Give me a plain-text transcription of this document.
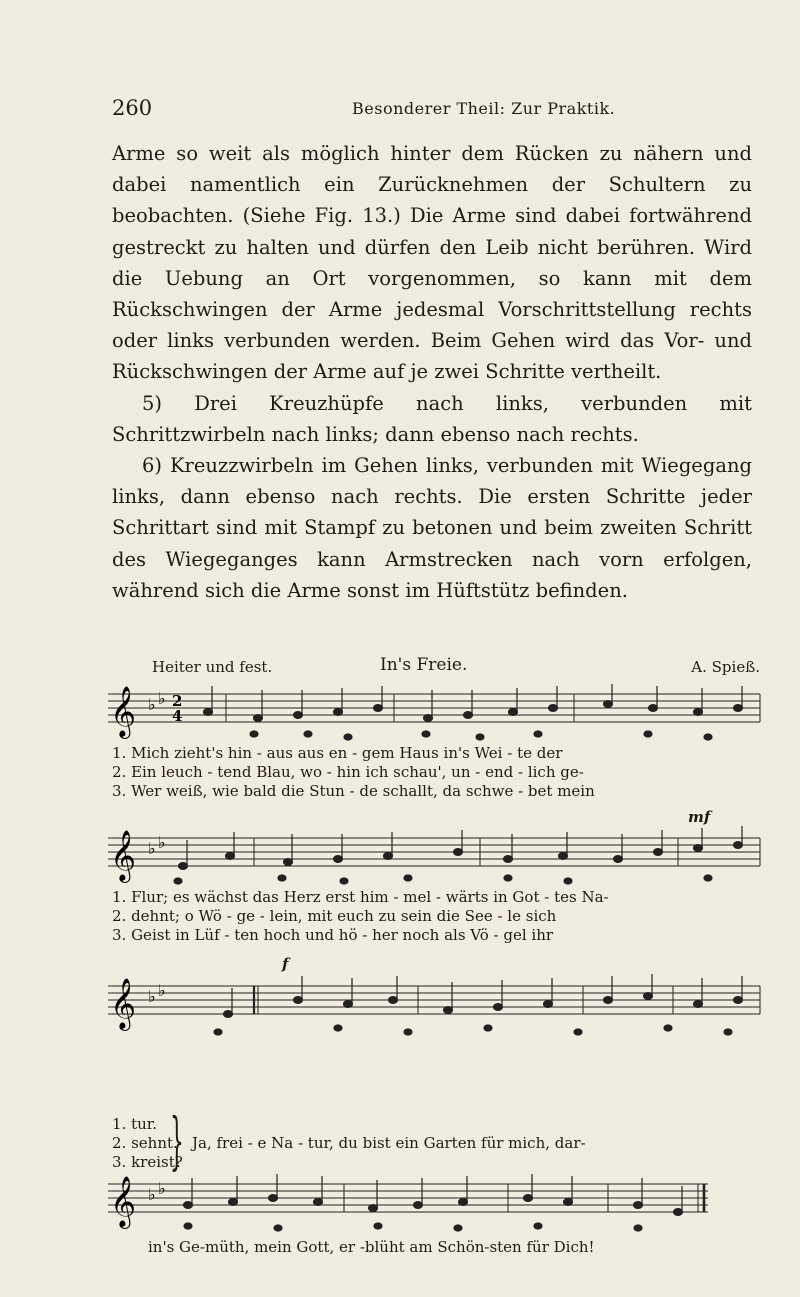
260	Besonderer Theil: Zur Praktik.

Arme so weit als möglich hinter dem Rücken zu nähern und dabei namentlich ein Zurücknehmen der Schultern zu beobachten. (Siehe Fig. 13.) Die Arme sind dabei fortwährend gestreckt zu halten und dürfen den Leib nicht berühren. Wird die Uebung an Ort vorgenommen, so kann mit dem Rückschwingen der Arme jedesmal Vorschrittstellung rechts oder links verbunden werden. Beim Gehen wird das Vor- und Rückschwingen der Arme auf je zwei Schritte vertheilt.

5) Drei Kreuzhüpfe nach links, verbunden mit Schrittzwirbeln nach links; dann ebenso nach rechts.

6) Kreuzzwirbeln im Gehen links, verbunden mit Wiegegang links, dann ebenso nach rechts. Die ersten Schritte jeder Schrittart sind mit Stampf zu betonen und beim zweiten Schritt des Wiegeganges kann Armstrecken nach vorn erfolgen, während sich die Arme sonst im Hüftstütz befinden.

Heiter und fest.	In's Freie.	A. Spieß.
𝄞 ♭ ♭ 2
4
1. Mich zieht's hin - aus aus en - gem Haus in's Wei - te der
2. Ein leuch - tend Blau, wo - hin ich schau', un - end - lich ge-
3. Wer weiß, wie bald die Stun - de schallt, da schwe - bet mein
mf
𝄞 ♭ ♭
1. Flur; es wächst das Herz erst him - mel - wärts in Got - tes Na-
2. dehnt; o Wö - ge - lein, mit euch zu sein die See - le sich
3. Geist in Lüf - ten hoch und hö - her noch als Vö - gel ihr
f
𝄞 ♭ ♭
1. tur.
2. sehnt.
3. kreist?
} Ja, frei - e Na - tur, du bist ein Garten für mich, dar-
𝄞 ♭ ♭
in's Ge-müth, mein Gott, er -blüht am Schön-sten für Dich!
